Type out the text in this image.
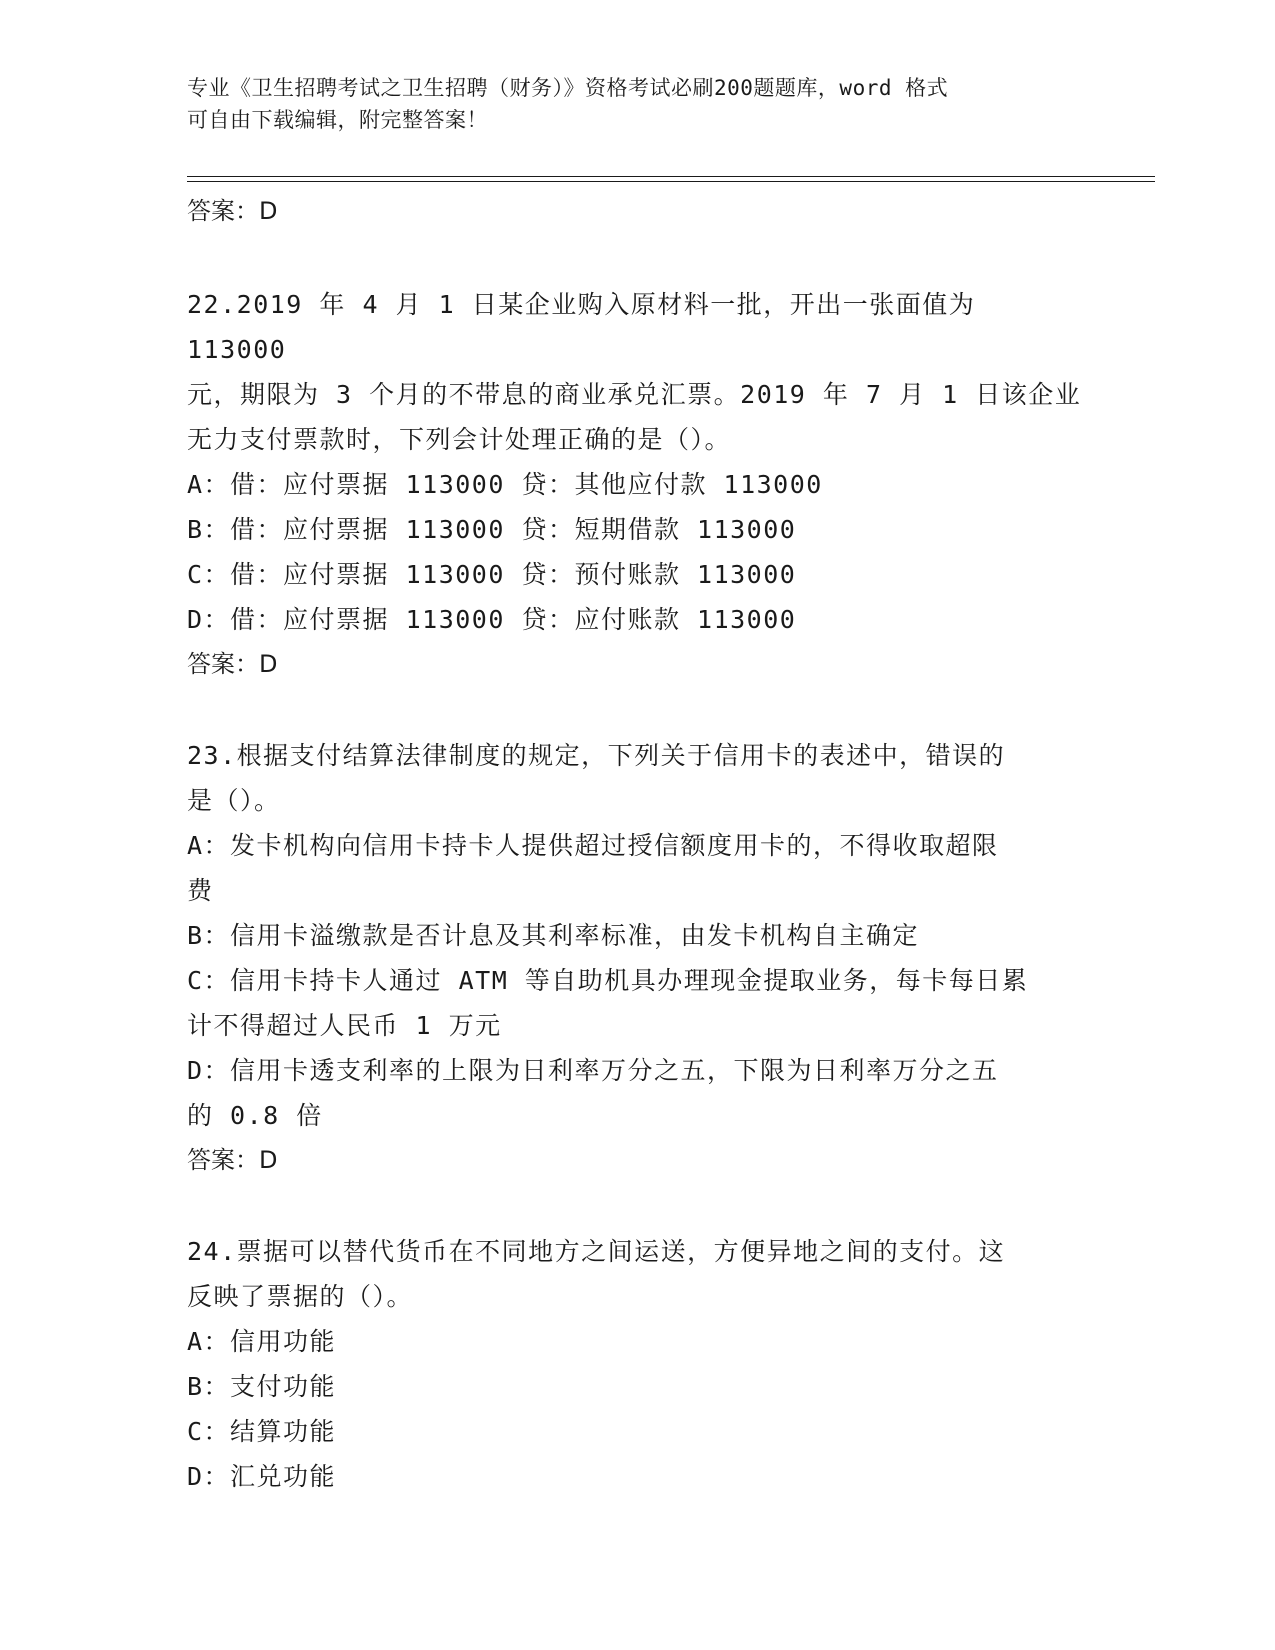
专业《卫生招聘考试之卫生招聘（财务）》资格考试必刷200题题库，word 格式
可自由下载编辑，附完整答案！
答案：D
22.2019 年 4 月 1 日某企业购入原材料一批，开出一张面值为 113000
元，期限为 3 个月的不带息的商业承兑汇票。2019 年 7 月 1 日该企业
无力支付票款时，下列会计处理正确的是（）。
A：借：应付票据 113000 贷：其他应付款 113000
B：借：应付票据 113000 贷：短期借款 113000
C：借：应付票据 113000 贷：预付账款 113000
D：借：应付票据 113000 贷：应付账款 113000
答案：D
23.根据支付结算法律制度的规定，下列关于信用卡的表述中，错误的
是（）。
A：发卡机构向信用卡持卡人提供超过授信额度用卡的，不得收取超限
费
B：信用卡溢缴款是否计息及其利率标准，由发卡机构自主确定
C：信用卡持卡人通过 ATM 等自助机具办理现金提取业务，每卡每日累
计不得超过人民币 1 万元
D：信用卡透支利率的上限为日利率万分之五，下限为日利率万分之五
的 0.8 倍
答案：D
24.票据可以替代货币在不同地方之间运送，方便异地之间的支付。这
反映了票据的（）。
A：信用功能
B：支付功能
C：结算功能
D：汇兑功能
